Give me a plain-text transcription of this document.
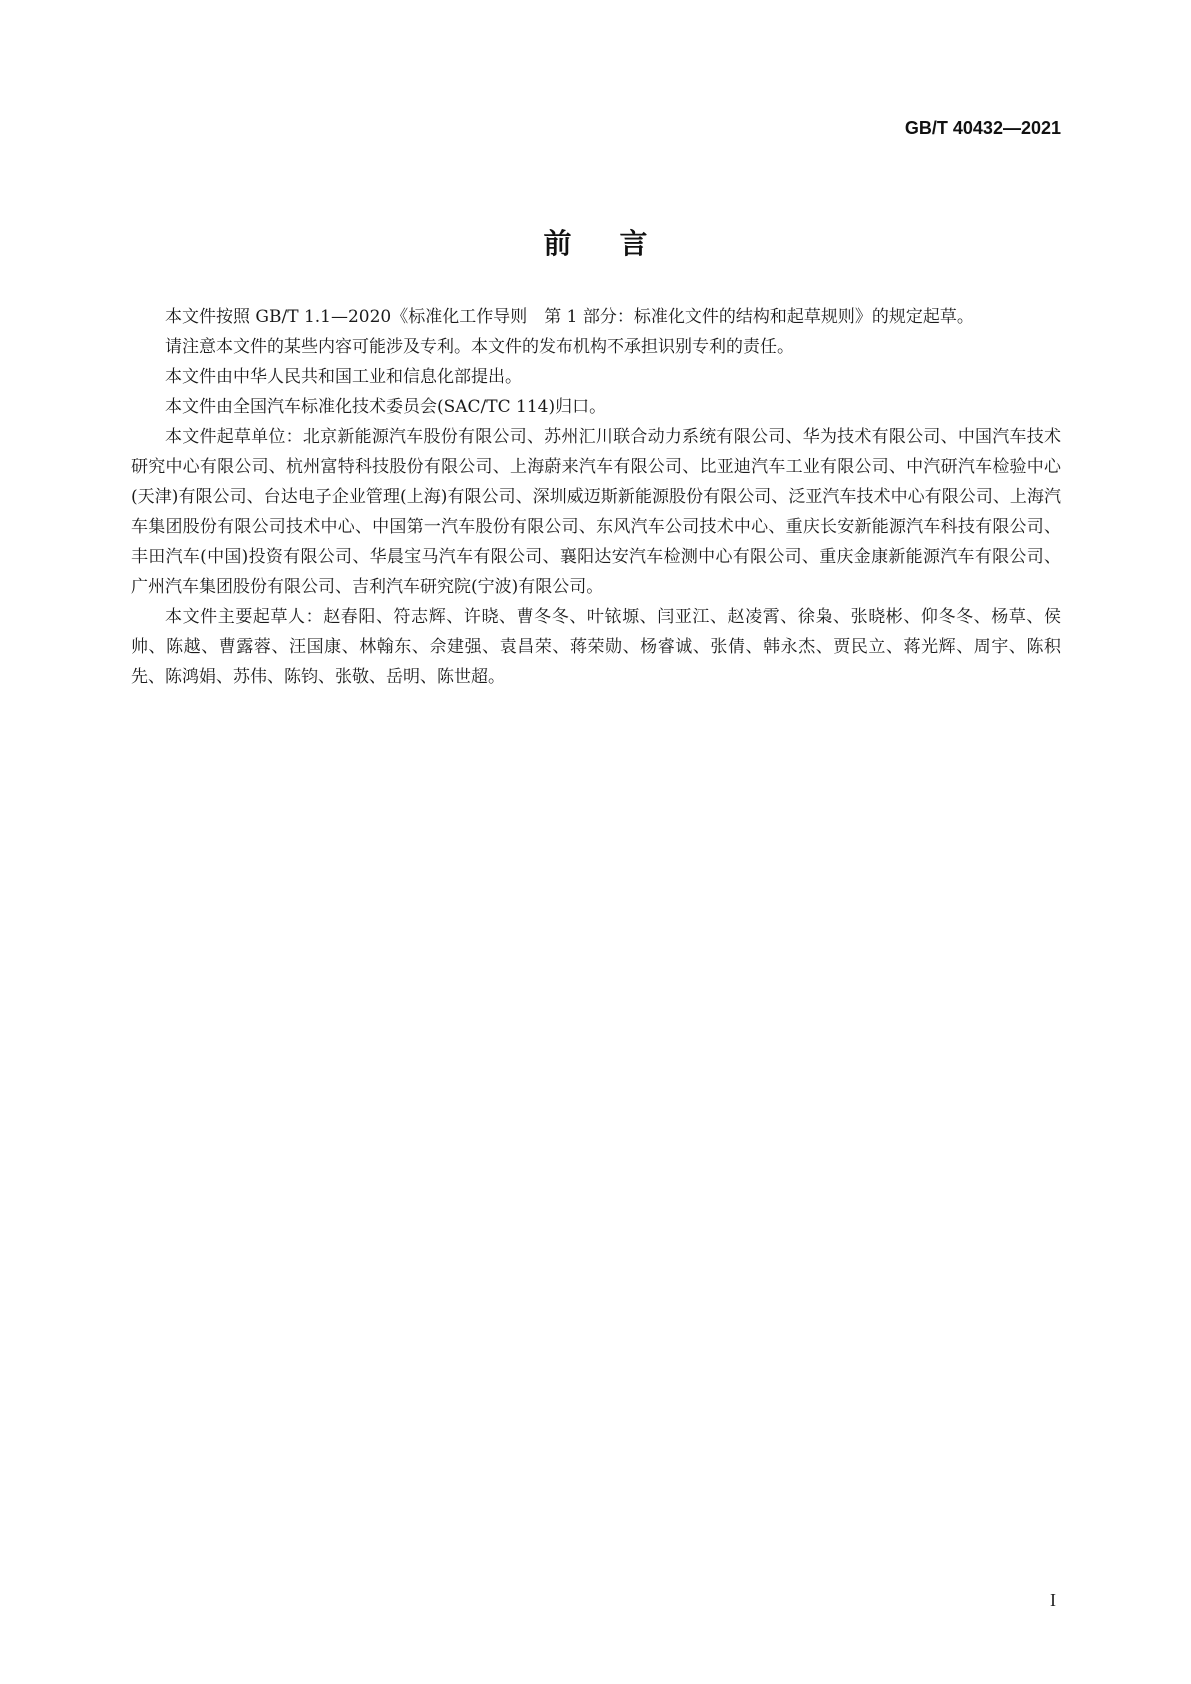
GB/T 40432—2021
前言

本文件按照 GB/T 1.1—2020《标准化工作导则　第 1 部分：标准化文件的结构和起草规则》的规定起草。

请注意本文件的某些内容可能涉及专利。本文件的发布机构不承担识别专利的责任。

本文件由中华人民共和国工业和信息化部提出。

本文件由全国汽车标准化技术委员会(SAC/TC 114)归口。

本文件起草单位：北京新能源汽车股份有限公司、苏州汇川联合动力系统有限公司、华为技术有限公司、中国汽车技术研究中心有限公司、杭州富特科技股份有限公司、上海蔚来汽车有限公司、比亚迪汽车工业有限公司、中汽研汽车检验中心(天津)有限公司、台达电子企业管理(上海)有限公司、深圳威迈斯新能源股份有限公司、泛亚汽车技术中心有限公司、上海汽车集团股份有限公司技术中心、中国第一汽车股份有限公司、东风汽车公司技术中心、重庆长安新能源汽车科技有限公司、丰田汽车(中国)投资有限公司、华晨宝马汽车有限公司、襄阳达安汽车检测中心有限公司、重庆金康新能源汽车有限公司、广州汽车集团股份有限公司、吉利汽车研究院(宁波)有限公司。

本文件主要起草人：赵春阳、符志辉、许晓、曹冬冬、叶铱塬、闫亚江、赵凌霄、徐枭、张晓彬、仰冬冬、杨草、侯帅、陈越、曹露蓉、汪国康、林翰东、佘建强、袁昌荣、蒋荣勋、杨睿诚、张倩、韩永杰、贾民立、蒋光辉、周宇、陈积先、陈鸿娟、苏伟、陈钧、张敬、岳明、陈世超。

I
